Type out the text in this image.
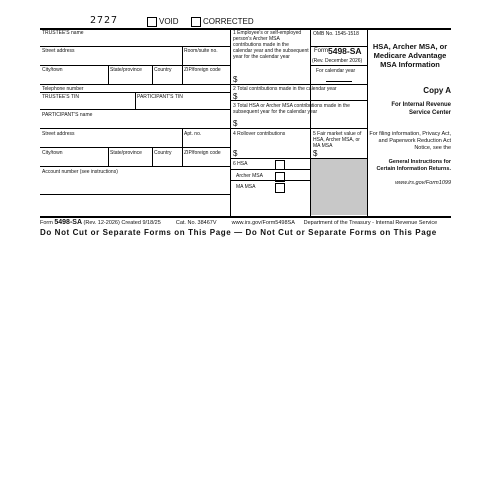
2727	VOID	CORRECTED
TRUSTEE'S name
Street address	Room/suite no.
City/town	State/province Country ZIP/foreign code
Telephone number
TRUSTEE'S TIN	PARTICIPANT'S TIN
PARTICIPANT'S name
Street address	Apt. no.
City/town	State/province Country ZIP/foreign code
Account number (see instructions)
1 Employee's or self-employed person's Archer MSA contributions made in the calendar year and the subsequent year for the calendar year
$
OMB No. 1545-1518
Form 5498-SA
(Rev. December 2026)
For calendar year
HSA, Archer MSA, or Medicare Advantage MSA Information
2 Total contributions made in the calendar year
$
Copy A
For Internal Revenue Service Center
3 Total HSA or Archer MSA contributions made in the subsequent year for the calendar year
$
4 Rollover contributions
$
5 Fair market value of HSA, Archer MSA, or MA MSA
$
For filing information, Privacy Act, and Paperwork Reduction Act Notice, see the
General Instructions for Certain Information Returns.
www.irs.gov/Form1099
6 HSA
Archer MSA
MA MSA
Form 5498-SA (Rev. 12-2026) Created 9/18/25	Cat. No. 38467V	www.irs.gov/Form5498SA Department of the Treasury - Internal Revenue Service
Do Not Cut or Separate Forms on This Page — Do Not Cut or Separate Forms on This Page
